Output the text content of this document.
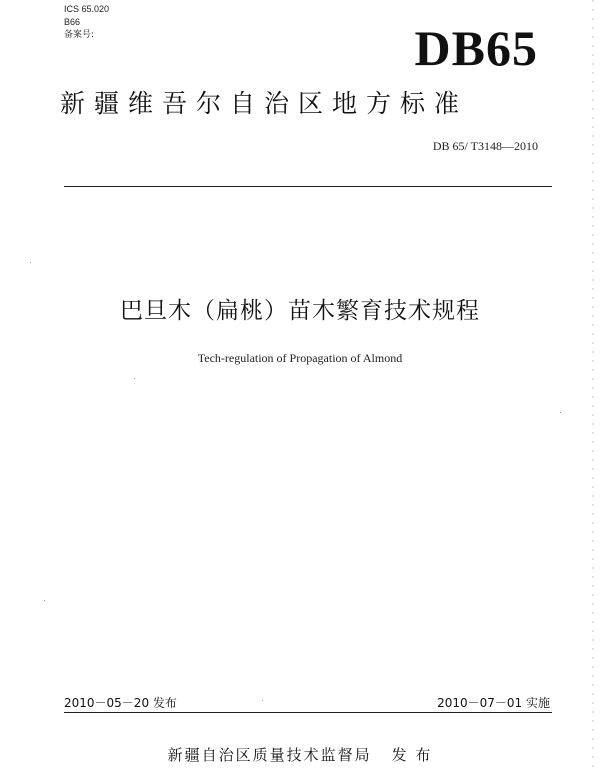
ICS 65.020
B66
备案号:	DB65
新疆维吾尔自治区地方标准
DB 65/ T3148—2010
巴旦木（扁桃）苗木繁育技术规程
Tech-regulation of Propagation of Almond
2010－05－20 发布	2010－07－01 实施
新疆自治区质量技术监督局 发 布
